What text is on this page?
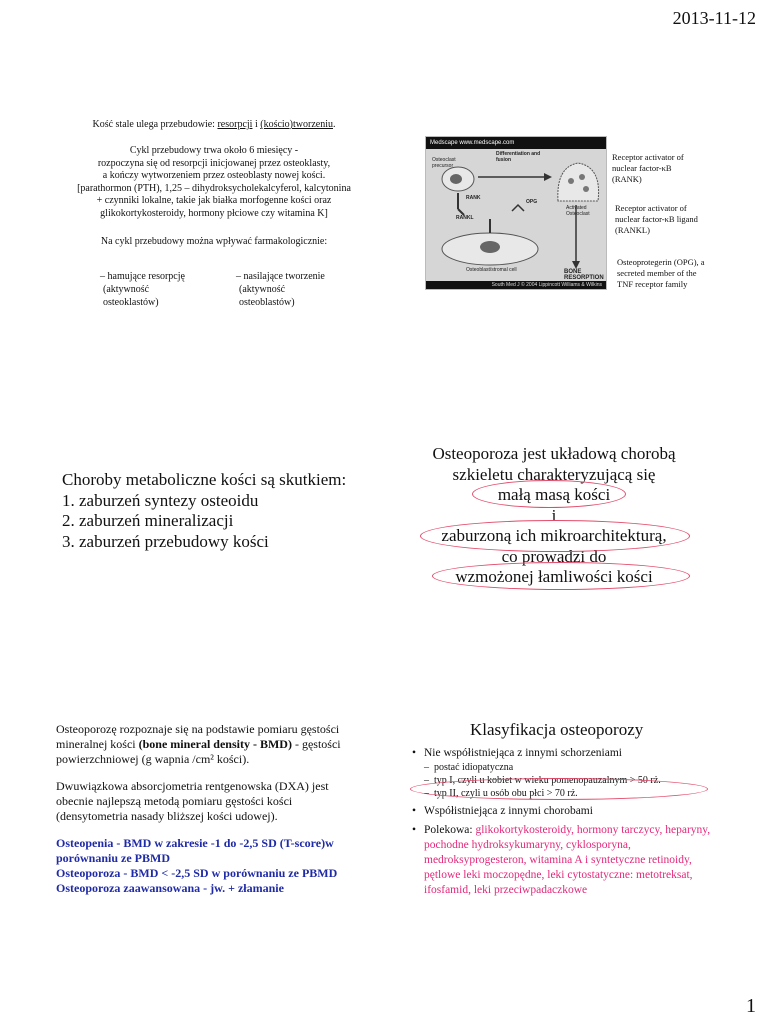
2013-11-12
Kość stale ulega przebudowie: resorpcji i (kościo)tworzeniu.
Cykl przebudowy trwa około 6 miesięcy -
rozpoczyna się od resorpcji inicjowanej przez osteoklasty,
a kończy wytworzeniem przez osteoblasty nowej kości.
[parathormon (PTH), 1,25 – dihydroksycholekalcyferol, kalcytonina
+ czynniki lokalne, takie jak białka morfogenne kości oraz
glikokortykosteroidy, hormony płciowe czy witamina K]
Na cykl przebudowy można wpływać farmakologicznie:
– hamujące resorpcję
(aktywność
osteoklastów)
– nasilające tworzenie
(aktywność
osteoblastów)
Medscape www.medscape.com
Osteoclast precursor
Differentiation and fusion
RANK
OPG
RANKL
Activated Osteoclast
Osteoblast/stromal cell	BONE RESORPTION
South Med J © 2004 Lippincott Williams & Wilkins
Receptor activator of nuclear factor-κB (RANK)
Receptor activator of nuclear factor-κB ligand (RANKL)
Osteoprotegerin (OPG), a secreted member of the TNF receptor family
Choroby metaboliczne kości są skutkiem:
1. zaburzeń syntezy osteoidu
2. zaburzeń mineralizacji
3. zaburzeń przebudowy kości
Osteoporoza jest układową chorobą
szkieletu charakteryzującą się
małą masą kości
i
zaburzoną ich mikroarchitekturą,
co prowadzi do
wzmożonej łamliwości kości

Osteoporozę rozpoznaje się na podstawie pomiaru gęstości mineralnej kości (bone mineral density - BMD) - gęstości powierzchniowej (g wapnia /cm² kości).

Dwuwiązkowa absorcjometria rentgenowska (DXA) jest obecnie najlepszą metodą pomiaru gęstości kości (densytometria nasady bliższej kości udowej).

Osteopenia - BMD w zakresie -1 do -2,5 SD (T-score)w porównaniu ze PBMD
Osteoporoza - BMD < -2,5 SD w porównaniu ze PBMD
Osteoporoza zaawansowana - jw. + złamanie
Klasyfikacja osteoporozy
• Nie współistniejąca z innymi schorzeniami
– postać idiopatyczna
– typ I, czyli u kobiet w wieku pomenopauzalnym > 50 rż.
– typ II, czyli u osób obu płci > 70 rż.
• Współistniejąca z innymi chorobami
• Polekowa: glikokortykosteroidy, hormony tarczycy, heparyny, pochodne hydroksykumaryny, cyklosporyna, medroksyprogesteron, witamina A i syntetyczne retinoidy, pętlowe leki moczopędne, leki cytostatyczne: metotreksat, ifosfamid, leki przeciwpadaczkowe
1
